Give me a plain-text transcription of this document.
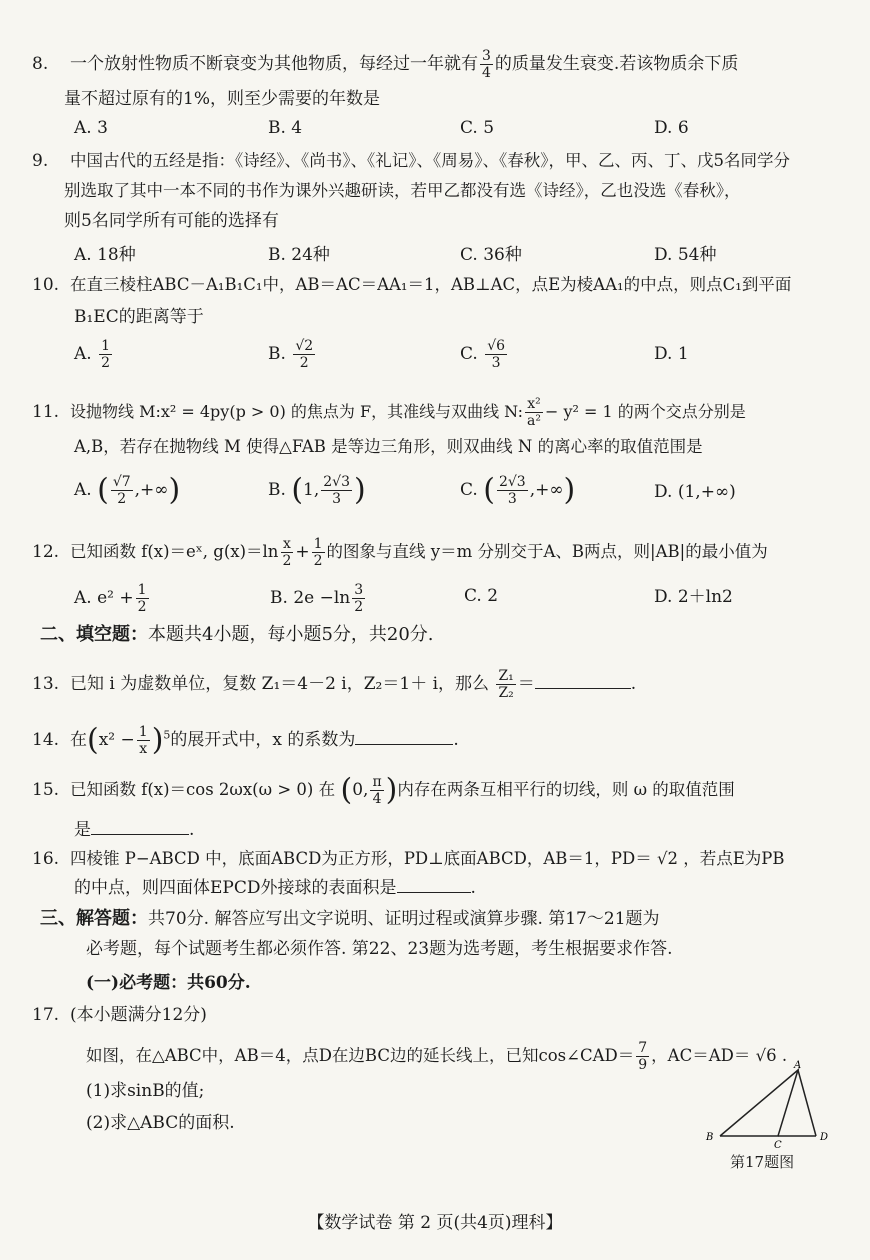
8. 一个放射性物质不断衰变为其他物质，每经过一年就有 $\frac{3}{4}$ 的质量发生衰变.若该物质余下质
量不超过原有的1%，则至少需要的年数是
A. 3	B. 4	C. 5	D. 6
9. 中国古代的五经是指：《诗经》、《尚书》、《礼记》、《周易》、《春秋》，甲、乙、丙、丁、戊5名同学分
别选取了其中一本不同的书作为课外兴趣研读，若甲乙都没有选《诗经》，乙也没选《春秋》，
则5名同学所有可能的选择有
A. 18种	B. 24种	C. 36种	D. 54种
10. 在直三棱柱ABC－A₁B₁C₁中，AB＝AC＝AA₁＝1，AB⊥AC，点E为棱AA₁的中点，则点C₁到平面
B₁EC的距离等于
A. $\frac{1}{2}$	B. $\frac{√2}{2}$	C. $\frac{√6}{3}$	D. 1
11. 设抛物线 M:x² = 4py(p > 0) 的焦点为 F，其准线与双曲线 N: $\frac{\text{x²}}{\text{a²}} - y^2 = 1$ 的两个交点分别是
A,B，若存在抛物线 M 使得△FAB 是等边三角形，则双曲线 N 的离心率的取值范围是
A. ( $\frac{√7}{2}$ ,+∞)	B. (1, $\frac{2√3}{3}$ )	C. ( $\frac{2√3}{3}$ ,+∞)	D. (1,+∞)
12. 已知函数 f(x)＝eˣ, $g(x)=\ln \frac{x}{2} + \frac{1}{2}$ 的图象与直线 y＝m 分别交于A、B两点，则|AB|的最小值为
A. $e^2 + \frac{1}{2}$	B. $2e -\ln \frac{3}{2}$	C. 2	D. 2＋ln2
二、填空题：本题共4小题，每小题5分，共20分.
13. 已知 i 为虚数单位，复数 Z₁＝4－2 i，Z₂＝1＋ i，那么 $\frac{\text{Z₁}}{\text{Z₂}}$ ＝	.
14. 在$(x^2 - \frac{1}{x} )^5$的展开式中，x 的系数为	.
15. 已知函数 f(x)＝cos 2ωx(ω > 0) 在 (0, $\frac{\pi}{4}$ )内存在两条互相平行的切线，则 ω 的取值范围
是	.
16. 四棱锥 P−ABCD 中，底面ABCD为正方形，PD⊥底面ABCD，AB＝1，PD＝ √2 ，若点E为PB
的中点，则四面体EPCD外接球的表面积是	.
三、解答题：共70分. 解答应写出文字说明、证明过程或演算步骤. 第17～21题为
必考题，每个试题考生都必须作答. 第22、23题为选考题，考生根据要求作答.
(一)必考题：共60分.
17. (本小题满分12分)
如图，在△ABC中，AB＝4，点D在边BC边的延长线上，已知cos∠CAD＝ $\frac{7}{9}$ ，AC＝AD＝ √6 .
(1)求sinB的值;
(2)求△ABC的面积.
A
B
C
D
第17题图
【数学试卷 第 2 页(共4页)理科】
